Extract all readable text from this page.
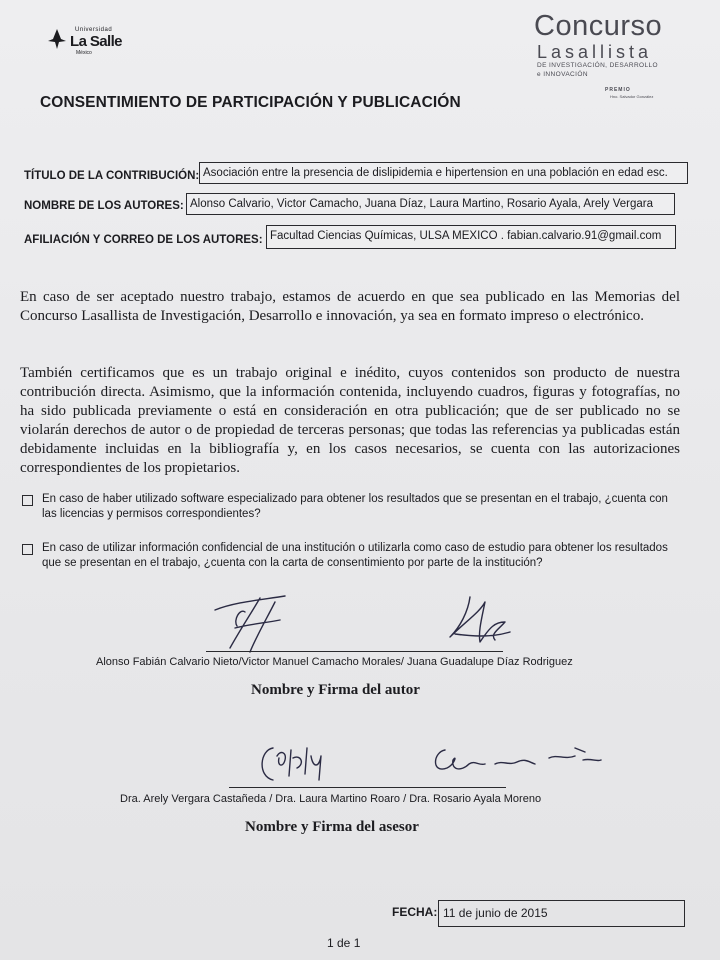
Universidad
La Salle
México
Concurso
Lasallista
DE INVESTIGACIÓN, DESARROLLO
e INNOVACIÓN
PREMIO
Hno. Salvador González
CONSENTIMIENTO DE PARTICIPACIÓN Y PUBLICACIÓN
TÍTULO DE LA CONTRIBUCIÓN: Asociación entre la presencia de dislipidemia e hipertension en una población en edad esc.
NOMBRE DE LOS AUTORES: Alonso Calvario, Victor Camacho, Juana Díaz, Laura Martino, Rosario Ayala, Arely Vergara
AFILIACIÓN Y CORREO DE LOS AUTORES: Facultad Ciencias Químicas, ULSA MEXICO . fabian.calvario.91@gmail.com
En caso de ser aceptado nuestro trabajo, estamos de acuerdo en que sea publicado en las Memorias del Concurso Lasallista de Investigación, Desarrollo e innovación, ya sea en formato impreso o electrónico.
También certificamos que es un trabajo original e inédito, cuyos contenidos son producto de nuestra contribución directa. Asimismo, que la información contenida, incluyendo cuadros, figuras y fotografías, no ha sido publicada previamente o está en consideración en otra publicación; que de ser publicado no se violarán derechos de autor o de propiedad de terceras personas; que todas las referencias ya publicadas están debidamente incluidas en la bibliografía y, en los casos necesarios, se cuenta con las autorizaciones correspondientes de los propietarios.
En caso de haber utilizado software especializado para obtener los resultados que se presentan en el trabajo, ¿cuenta con las licencias y permisos correspondientes?
En caso de utilizar información confidencial de una institución o utilizarla como caso de estudio para obtener los resultados que se presentan en el trabajo, ¿cuenta con la carta de consentimiento por parte de la institución?
Alonso Fabián Calvario Nieto/Victor Manuel Camacho Morales/ Juana Guadalupe Díaz Rodriguez
Nombre y Firma del autor
Dra. Arely Vergara Castañeda / Dra. Laura Martino Roaro / Dra. Rosario Ayala Moreno
Nombre y Firma del asesor
FECHA: 11 de junio de 2015
1 de 1
